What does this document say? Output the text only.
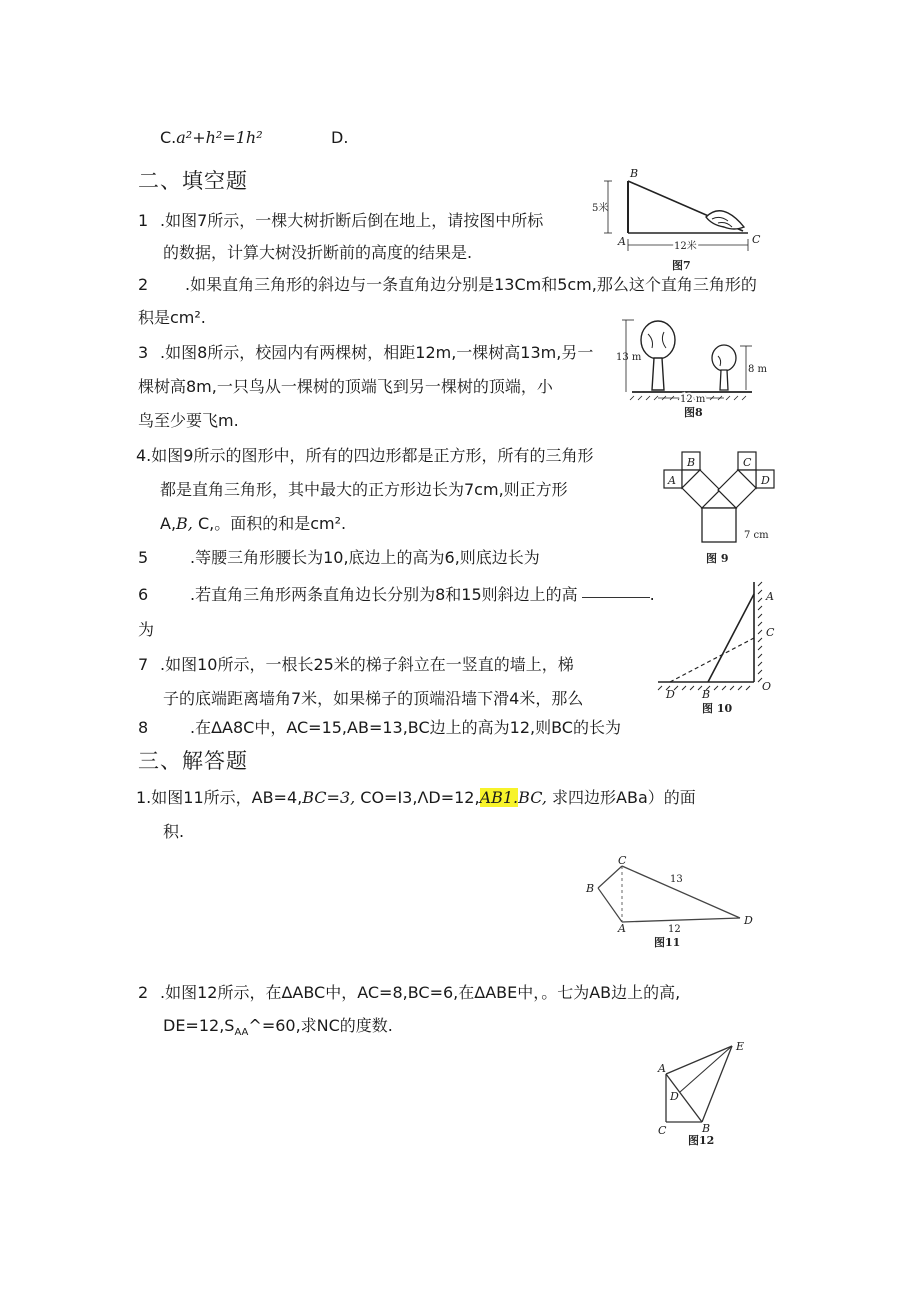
C.a²+h²=1h²	D.
二、填空题
1 .如图7所示，一棵大树折断后倒在地上，请按图中所标
的数据，计算大树没折断前的高度的结果是.
2 .如果直角三角形的斜边与一条直角边分别是13Cm和5cm,那么这个直角三角形的
积是cm².
3 .如图8所示，校园内有两棵树，相距12m,一棵树高13m,另一
棵树高8m,一只鸟从一棵树的顶端飞到另一棵树的顶端，小
鸟至少要飞m.
4.如图9所示的图形中，所有的四边形都是正方形，所有的三角形
都是直角三角形，其中最大的正方形边长为7cm,则正方形
A,B, C,。面积的和是cm².
5	.等腰三角形腰长为10,底边上的高为6,则底边长为
6	.若直角三角形两条直角边长分别为8和15则斜边上的高	.
为
7 .如图10所示，一根长25米的梯子斜立在一竖直的墙上，梯
子的底端距离墙角7米，如果梯子的顶端沿墙下滑4米，那么
8	.在ΔA8C中，AC=15,AB=13,BC边上的高为12,则BC的长为
三、解答题
1.如图11所示，AB=4,BC=3, CO=I3,ΛD=12,AB1.BC, 求四边形ABa）的面
积.
2 .如图12所示，在ΔABC中，AC=8,BC=6,在ΔABE中，。七为AB边上的高,
$DE=12,S_{AA}\^{}=60$,求NC的度数.
5米
12米
B
A	C
图7
13 m
8 m
12 m
图8
B
A
C
D
7 cm
图 9
A
C
D B
O
图 10
C
B
A
D
13
12
图11
E
A
D
C	B
图12
